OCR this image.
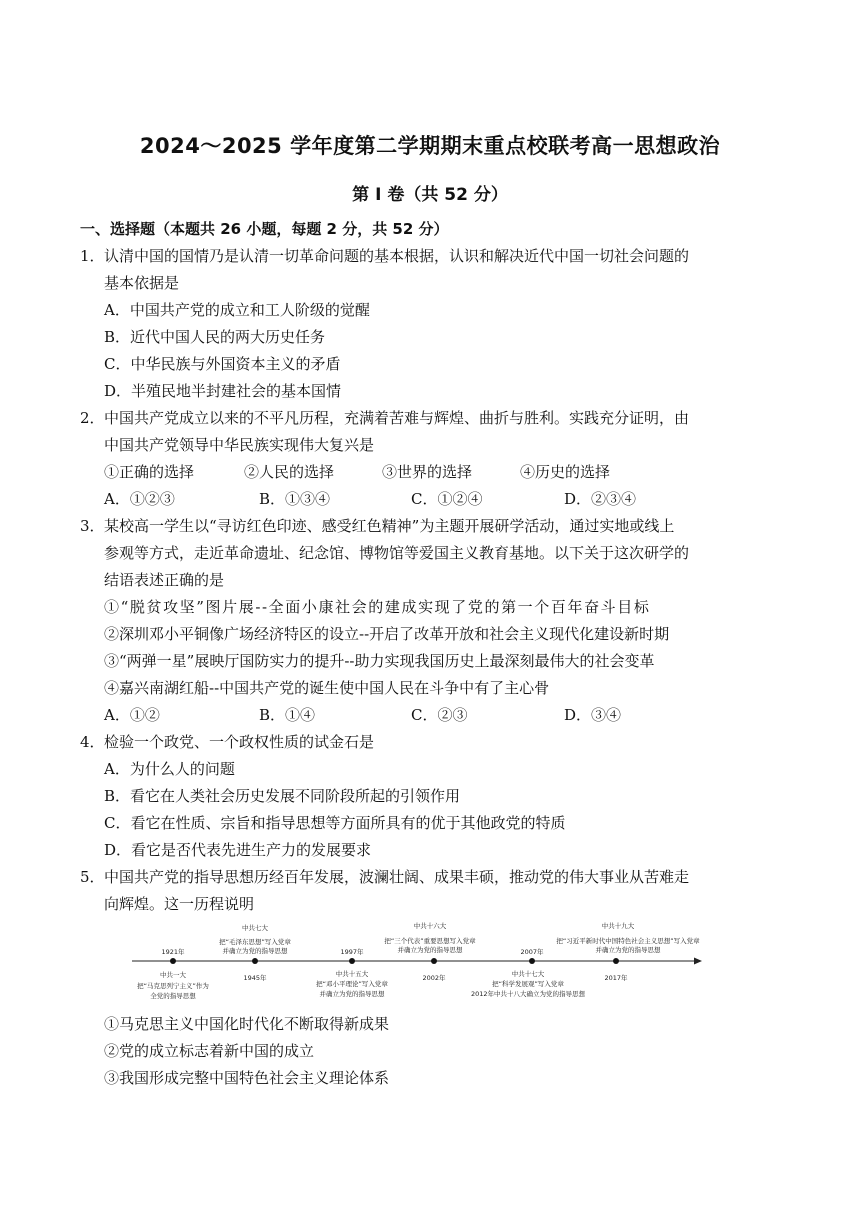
2024～2025 学年度第二学期期末重点校联考高一思想政治
第 Ⅰ 卷（共 52 分）
一、选择题（本题共 26 小题，每题 2 分，共 52 分）
1． 认清中国的国情乃是认清一切革命问题的基本根据，认识和解决近代中国一切社会问题的
基本依据是
A．中国共产党的成立和工人阶级的觉醒
B．近代中国人民的两大历史任务
C．中华民族与外国资本主义的矛盾
D．半殖民地半封建社会的基本国情
2． 中国共产党成立以来的不平凡历程，充满着苦难与辉煌、曲折与胜利。实践充分证明，由
中国共产党领导中华民族实现伟大复兴是
①正确的选择	②人民的选择	③世界的选择	④历史的选择
A．①②③	B．①③④	C．①②④	D．②③④
3． 某校高一学生以“寻访红色印迹、感受红色精神”为主题开展研学活动，通过实地或线上
参观等方式，走近革命遗址、纪念馆、博物馆等爱国主义教育基地。以下关于这次研学的
结语表述正确的是
①“脱贫攻坚”图片展--全面小康社会的建成实现了党的第一个百年奋斗目标
②深圳邓小平铜像广场经济特区的设立--开启了改革开放和社会主义现代化建设新时期
③“两弹一星”展映厅国防实力的提升--助力实现我国历史上最深刻最伟大的社会变革
④嘉兴南湖红船--中国共产党的诞生使中国人民在斗争中有了主心骨
A．①②	B．①④	C．②③	D．③④
4． 检验一个政党、一个政权性质的试金石是
A．为什么人的问题
B．看它在人类社会历史发展不同阶段所起的引领作用
C．看它在性质、宗旨和指导思想等方面所具有的优于其他政党的特质
D．看它是否代表先进生产力的发展要求
5． 中国共产党的指导思想历经百年发展，波澜壮阔、成果丰硕，推动党的伟大事业从苦难走
向辉煌。这一历程说明
1921年
中共七大
把“毛泽东思想”写入党章
并确立为党的指导思想	1997年
中共十六大
把“三个代表”重要思想写入党章
并确立为党的指导思想	2007年
中共十九大
把“习近平新时代中国特色社会主义思想”写入党章
并确立为党的指导思想
中共一大
把“马克思列宁主义”作为
全党的指导思想
1945年	中共十五大
把“邓小平理论”写入党章
并确立为党的指导思想
2002年	中共十七大
把“科学发展观”写入党章
2012年中共十八大确立为党的指导思想
2017年
①马克思主义中国化时代化不断取得新成果
②党的成立标志着新中国的成立
③我国形成完整中国特色社会主义理论体系
